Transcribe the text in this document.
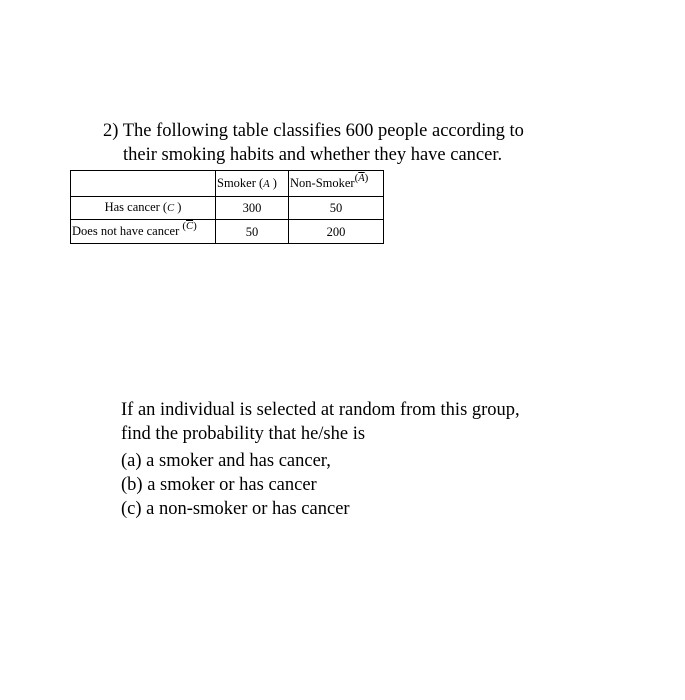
2) The following table classifies 600 people according to
their smoking habits and whether they have cancer.
	Smoker (A )	Non-$Smoker(\overline{A})$
Has cancer (C )	300	50
Does not have cancer $(\overline{C})$	50	200
If an individual is selected at random from this group,
find the probability that he/she is
(a) a smoker and has cancer,
(b) a smoker or has cancer
(c) a non-smoker or has cancer
